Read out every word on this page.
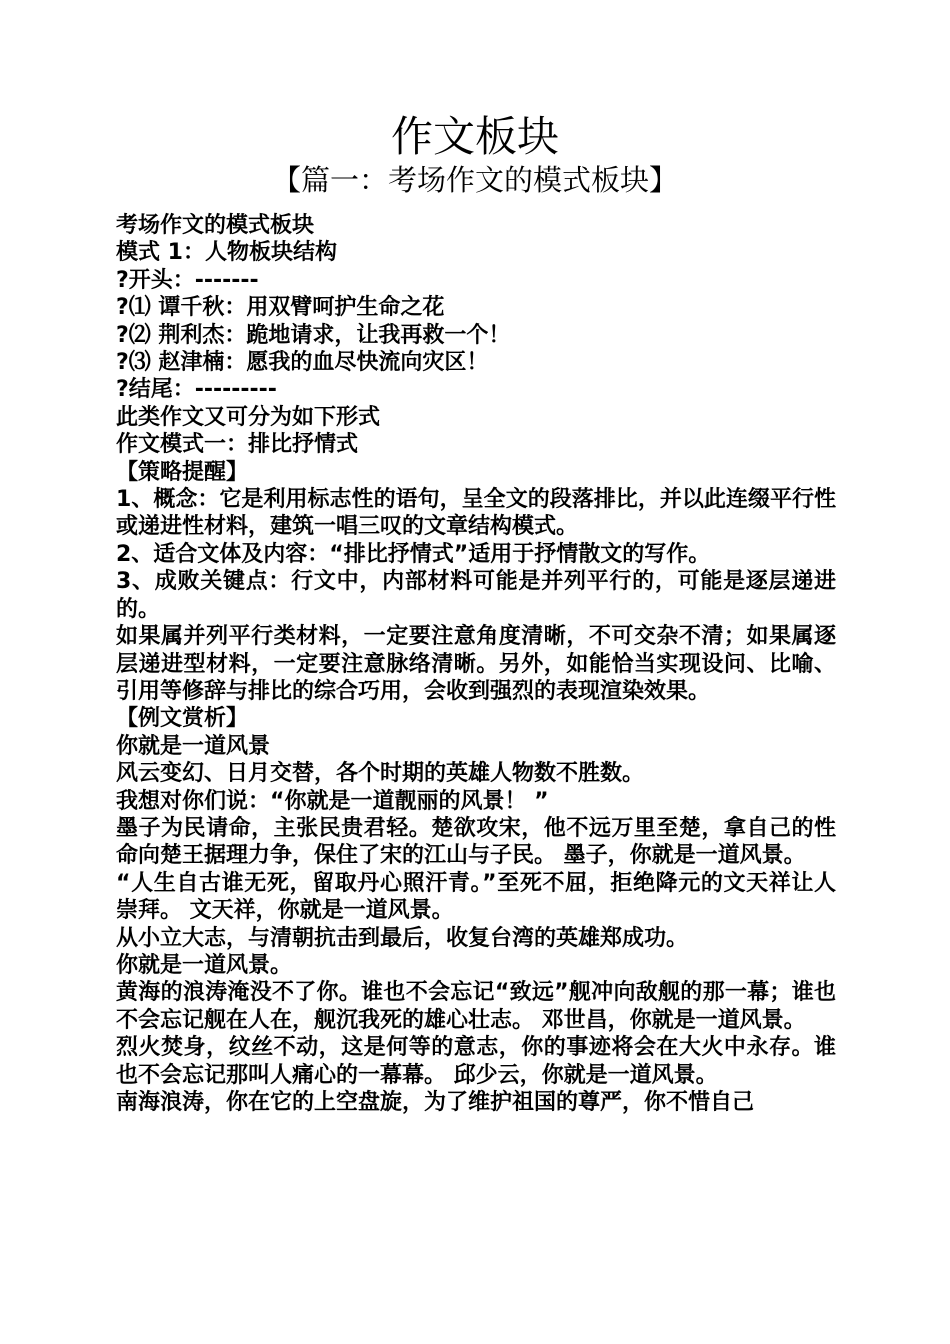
作文板块
【篇一：考场作文的模式板块】

考场作文的模式板块

模式 1：人物板块结构

?开头：-------

?⑴ 谭千秋：用双臂呵护生命之花

?⑵ 荆利杰：跪地请求，让我再救一个！

?⑶ 赵津楠：愿我的血尽快流向灾区！

?结尾：---------

此类作文又可分为如下形式

作文模式一：排比抒情式

【策略提醒】

1、概念：它是利用标志性的语句，呈全文的段落排比，并以此连缀平行性或递进性材料，建筑一唱三叹的文章结构模式。

2、适合文体及内容：“排比抒情式”适用于抒情散文的写作。

3、成败关键点：行文中，内部材料可能是并列平行的，可能是逐层递进的。

如果属并列平行类材料，一定要注意角度清晰，不可交杂不清；如果属逐层递进型材料，一定要注意脉络清晰。另外，如能恰当实现设问、比喻、引用等修辞与排比的综合巧用，会收到强烈的表现渲染效果。

【例文赏析】

你就是一道风景

风云变幻、日月交替，各个时期的英雄人物数不胜数。

我想对你们说：“你就是一道靓丽的风景！ ”

墨子为民请命，主张民贵君轻。楚欲攻宋，他不远万里至楚，拿自己的性命向楚王据理力争，保住了宋的江山与子民。 墨子，你就是一道风景。

“人生自古谁无死，留取丹心照汗青。”至死不屈，拒绝降元的文天祥让人崇拜。 文天祥，你就是一道风景。

从小立大志，与清朝抗击到最后，收复台湾的英雄郑成功。

你就是一道风景。

黄海的浪涛淹没不了你。谁也不会忘记“致远”舰冲向敌舰的那一幕；谁也不会忘记舰在人在，舰沉我死的雄心壮志。 邓世昌，你就是一道风景。

烈火焚身，纹丝不动，这是何等的意志，你的事迹将会在大火中永存。谁也不会忘记那叫人痛心的一幕幕。 邱少云，你就是一道风景。

南海浪涛，你在它的上空盘旋，为了维护祖国的尊严，你不惜自己
